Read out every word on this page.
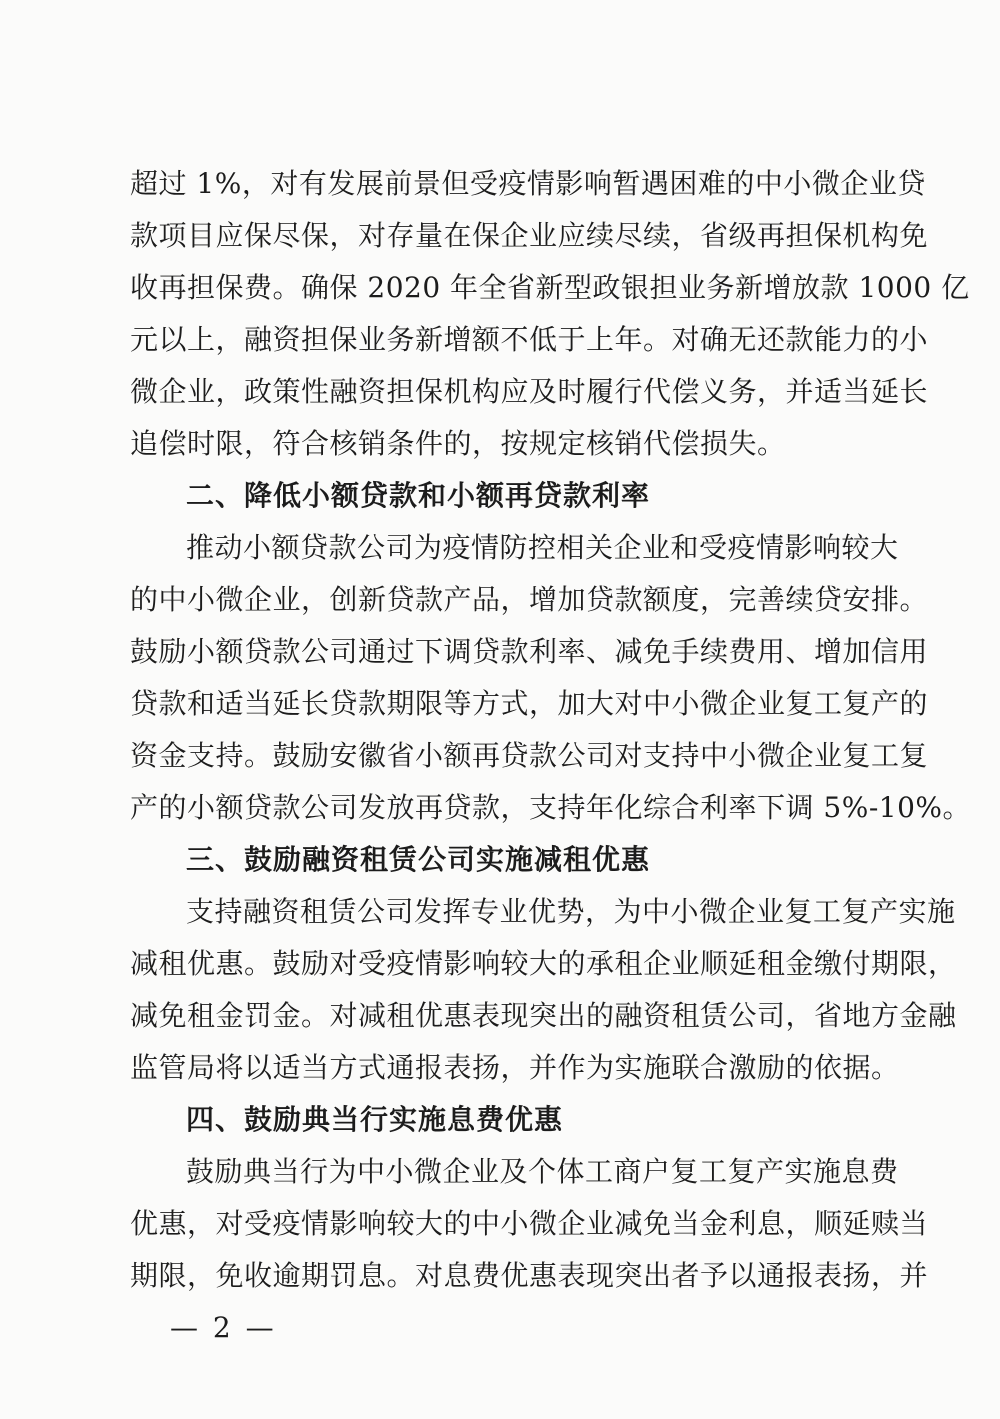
超过 1%，对有发展前景但受疫情影响暂遇困难的中小微企业贷
款项目应保尽保，对存量在保企业应续尽续，省级再担保机构免
收再担保费。确保 2020 年全省新型政银担业务新增放款 1000 亿
元以上，融资担保业务新增额不低于上年。对确无还款能力的小
微企业，政策性融资担保机构应及时履行代偿义务，并适当延长
追偿时限，符合核销条件的，按规定核销代偿损失。
二、降低小额贷款和小额再贷款利率
推动小额贷款公司为疫情防控相关企业和受疫情影响较大
的中小微企业，创新贷款产品，增加贷款额度，完善续贷安排。
鼓励小额贷款公司通过下调贷款利率、减免手续费用、增加信用
贷款和适当延长贷款期限等方式，加大对中小微企业复工复产的
资金支持。鼓励安徽省小额再贷款公司对支持中小微企业复工复
产的小额贷款公司发放再贷款，支持年化综合利率下调 5%-10%。
三、鼓励融资租赁公司实施减租优惠
支持融资租赁公司发挥专业优势，为中小微企业复工复产实施
减租优惠。鼓励对受疫情影响较大的承租企业顺延租金缴付期限，
减免租金罚金。对减租优惠表现突出的融资租赁公司，省地方金融
监管局将以适当方式通报表扬，并作为实施联合激励的依据。
四、鼓励典当行实施息费优惠
鼓励典当行为中小微企业及个体工商户复工复产实施息费
优惠，对受疫情影响较大的中小微企业减免当金利息，顺延赎当
期限，免收逾期罚息。对息费优惠表现突出者予以通报表扬，并
— 2 —
